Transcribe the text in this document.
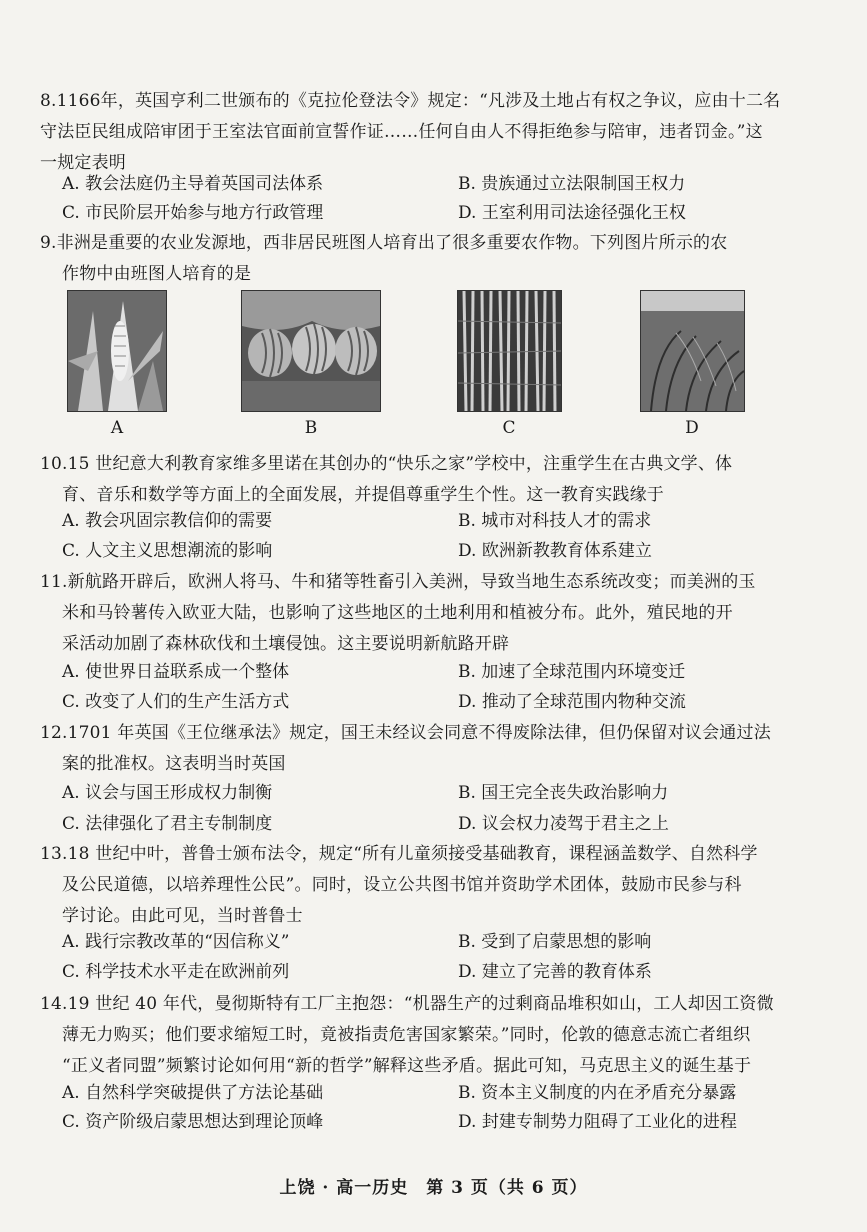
8.1166年，英国亨利二世颁布的《克拉伦登法令》规定：“凡涉及土地占有权之争议，应由十二名
守法臣民组成陪审团于王室法官面前宣誓作证……任何自由人不得拒绝参与陪审，违者罚金。”这
一规定表明
A. 教会法庭仍主导着英国司法体系	B. 贵族通过立法限制国王权力
C. 市民阶层开始参与地方行政管理	D. 王室利用司法途径强化王权
9.非洲是重要的农业发源地，西非居民班图人培育出了很多重要农作物。下列图片所示的农
作物中由班图人培育的是
A	B	C	D
10.15 世纪意大利教育家维多里诺在其创办的“快乐之家”学校中，注重学生在古典文学、体
育、音乐和数学等方面上的全面发展，并提倡尊重学生个性。这一教育实践缘于
A. 教会巩固宗教信仰的需要	B. 城市对科技人才的需求
C. 人文主义思想潮流的影响	D. 欧洲新教教育体系建立
11.新航路开辟后，欧洲人将马、牛和猪等牲畜引入美洲，导致当地生态系统改变；而美洲的玉
米和马铃薯传入欧亚大陆，也影响了这些地区的土地利用和植被分布。此外，殖民地的开
采活动加剧了森林砍伐和土壤侵蚀。这主要说明新航路开辟
A. 使世界日益联系成一个整体	B. 加速了全球范围内环境变迁
C. 改变了人们的生产生活方式	D. 推动了全球范围内物种交流
12.1701 年英国《王位继承法》规定，国王未经议会同意不得废除法律，但仍保留对议会通过法
案的批准权。这表明当时英国
A. 议会与国王形成权力制衡	B. 国王完全丧失政治影响力
C. 法律强化了君主专制制度	D. 议会权力凌驾于君主之上
13.18 世纪中叶，普鲁士颁布法令，规定“所有儿童须接受基础教育，课程涵盖数学、自然科学
及公民道德，以培养理性公民”。同时，设立公共图书馆并资助学术团体，鼓励市民参与科
学讨论。由此可见，当时普鲁士
A. 践行宗教改革的“因信称义”	B. 受到了启蒙思想的影响
C. 科学技术水平走在欧洲前列	D. 建立了完善的教育体系
14.19 世纪 40 年代，曼彻斯特有工厂主抱怨：“机器生产的过剩商品堆积如山，工人却因工资微
薄无力购买；他们要求缩短工时，竟被指责危害国家繁荣。”同时，伦敦的德意志流亡者组织
“正义者同盟”频繁讨论如何用“新的哲学”解释这些矛盾。据此可知，马克思主义的诞生基于
A. 自然科学突破提供了方法论基础	B. 资本主义制度的内在矛盾充分暴露
C. 资产阶级启蒙思想达到理论顶峰	D. 封建专制势力阻碍了工业化的进程
上饶 · 高一历史　第 3 页（共 6 页）
